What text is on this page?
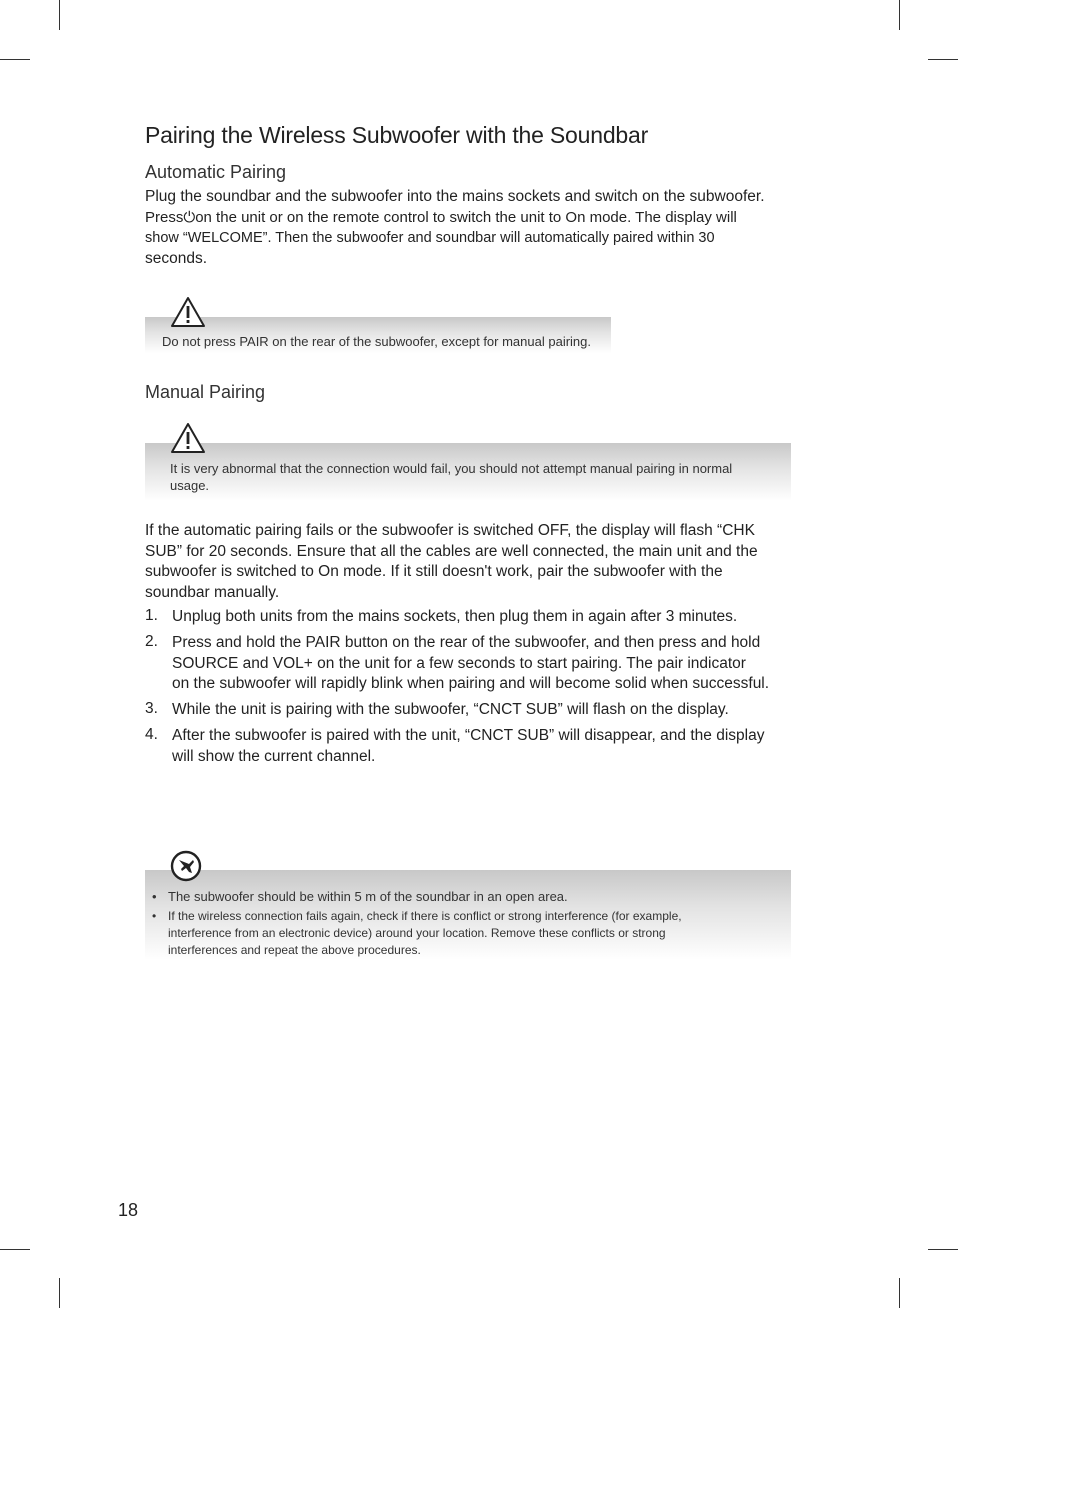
Pairing the Wireless Subwoofer with the Soundbar
Automatic Pairing

Plug the soundbar and the subwoofer into the mains sockets and switch on the subwoofer.

Press⏻on the unit or on the remote control to switch the unit to On mode. The display will

show “WELCOME”. Then the subwoofer and soundbar will automatically paired within 30

seconds.

Do not press PAIR on the rear of the subwoofer, except for manual pairing.
Manual Pairing
It is very abnormal that the connection would fail, you should not attempt manual pairing in normal
usage.

If the automatic pairing fails or the subwoofer is switched OFF, the display will flash “CHK

SUB” for 20 seconds. Ensure that all the cables are well connected, the main unit and the

subwoofer is switched to On mode. If it still doesn't work, pair the subwoofer with the

soundbar manually.

1. Unplug both units from the mains sockets, then plug them in again after 3 minutes.
2. Press and hold the PAIR button on the rear of the subwoofer, and then press and hold
SOURCE and VOL+ on the unit for a few seconds to start pairing. The pair indicator
on the subwoofer will rapidly blink when pairing and will become solid when successful.
3. While the unit is pairing with the subwoofer, “CNCT SUB” will flash on the display.
4. After the subwoofer is paired with the unit, “CNCT SUB” will disappear, and the display
will show the current channel.
• The subwoofer should be within 5 m of the soundbar in an open area.
• If the wireless connection fails again, check if there is conflict or strong interference (for example,
interference from an electronic device) around your location. Remove these conflicts or strong
interferences and repeat the above procedures.
18
